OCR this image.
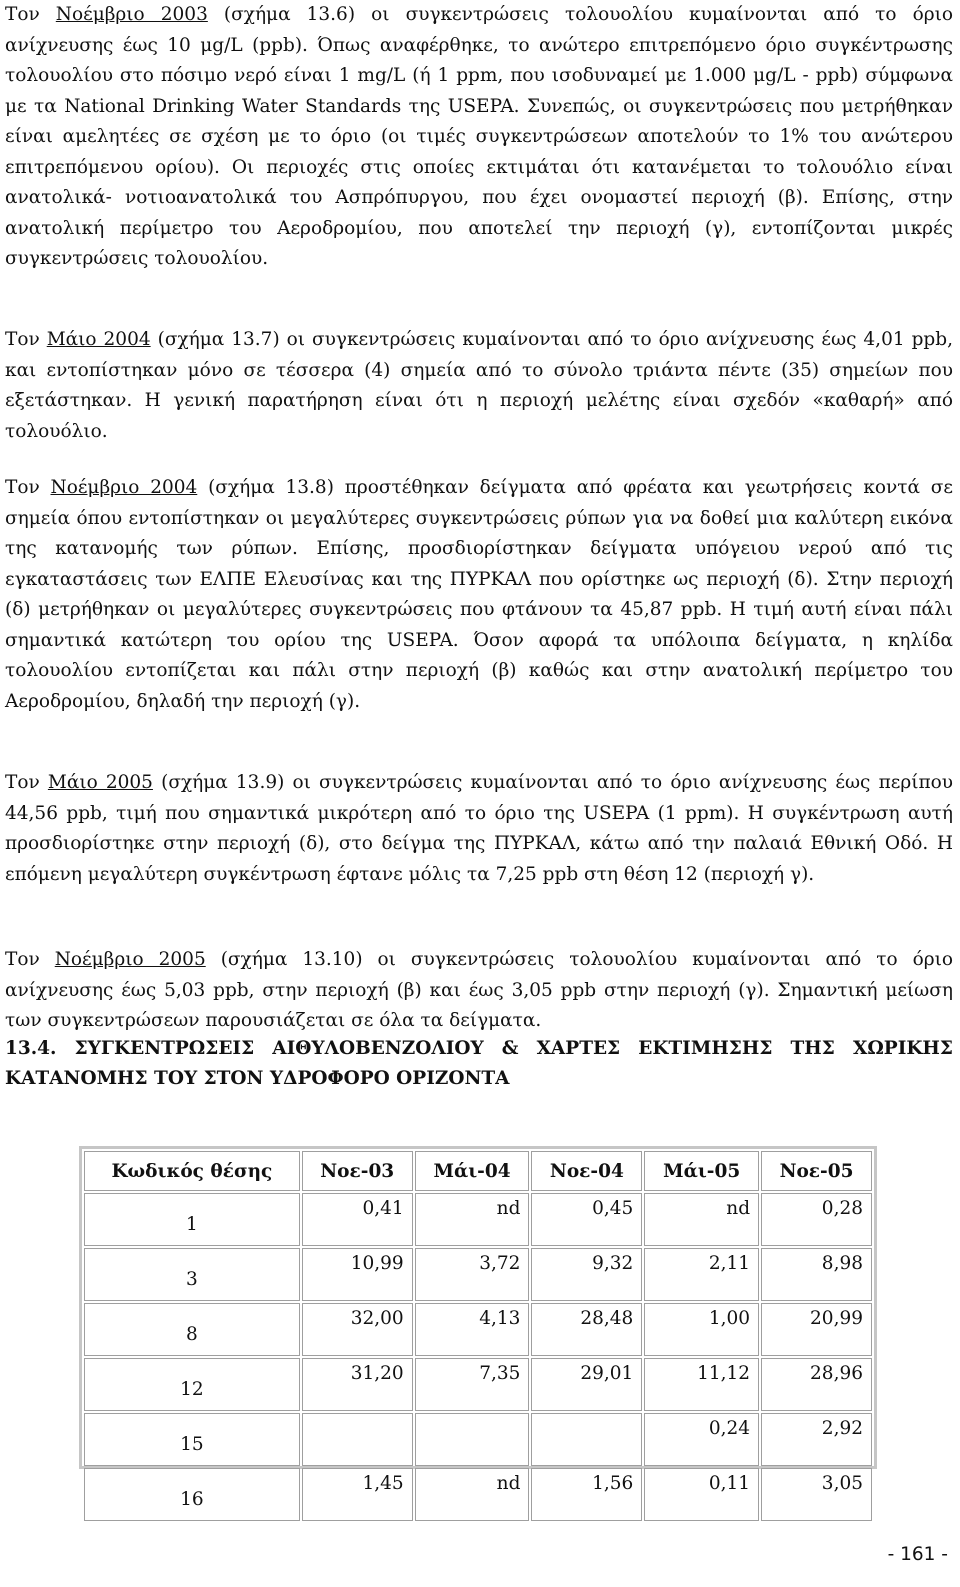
Τον Νοέμβριο 2003 (σχήμα 13.6) οι συγκεντρώσεις τολουολίου κυμαίνονται από το όριο ανίχνευσης έως 10 μg/L (ppb). Όπως αναφέρθηκε, το ανώτερο επιτρεπόμενο όριο συγκέντρωσης τολουολίου στο πόσιμο νερό είναι 1 mg/L (ή 1 ppm, που ισοδυναμεί με 1.000 μg/L - ppb) σύμφωνα με τα National Drinking Water Standards της USEPA. Συνεπώς, οι συγκεντρώσεις που μετρήθηκαν είναι αμελητέες σε σχέση με το όριο (οι τιμές συγκεντρώσεων αποτελούν το 1% του ανώτερου επιτρεπόμενου ορίου). Οι περιοχές στις οποίες εκτιμάται ότι κατανέμεται το τολουόλιο είναι ανατολικά- νοτιοανατολικά του Ασπρόπυργου, που έχει ονομαστεί περιοχή (β). Επίσης, στην ανατολική περίμετρο του Αεροδρομίου, που αποτελεί την περιοχή (γ), εντοπίζονται μικρές συγκεντρώσεις τολουολίου.

Τον Μάιο 2004 (σχήμα 13.7) οι συγκεντρώσεις κυμαίνονται από το όριο ανίχνευσης έως 4,01 ppb, και εντοπίστηκαν μόνο σε τέσσερα (4) σημεία από το σύνολο τριάντα πέντε (35) σημείων που εξετάστηκαν. Η γενική παρατήρηση είναι ότι η περιοχή μελέτης είναι σχεδόν «καθαρή» από τολουόλιο.

Τον Νοέμβριο 2004 (σχήμα 13.8) προστέθηκαν δείγματα από φρέατα και γεωτρήσεις κοντά σε σημεία όπου εντοπίστηκαν οι μεγαλύτερες συγκεντρώσεις ρύπων για να δοθεί μια καλύτερη εικόνα της κατανομής των ρύπων. Επίσης, προσδιορίστηκαν δείγματα υπόγειου νερού από τις εγκαταστάσεις των ΕΛΠΕ Ελευσίνας και της ΠΥΡΚΑΛ που ορίστηκε ως περιοχή (δ). Στην περιοχή (δ) μετρήθηκαν οι μεγαλύτερες συγκεντρώσεις που φτάνουν τα 45,87 ppb. Η τιμή αυτή είναι πάλι σημαντικά κατώτερη του ορίου της USEPA. Όσον αφορά τα υπόλοιπα δείγματα, η κηλίδα τολουολίου εντοπίζεται και πάλι στην περιοχή (β) καθώς και στην ανατολική περίμετρο του Αεροδρομίου, δηλαδή την περιοχή (γ).

Τον Μάιο 2005 (σχήμα 13.9) οι συγκεντρώσεις κυμαίνονται από το όριο ανίχνευσης έως περίπου 44,56 ppb, τιμή που σημαντικά μικρότερη από το όριο της USEPA (1 ppm). Η συγκέντρωση αυτή προσδιορίστηκε στην περιοχή (δ), στο δείγμα της ΠΥΡΚΑΛ, κάτω από την παλαιά Εθνική Οδό. Η επόμενη μεγαλύτερη συγκέντρωση έφτανε μόλις τα 7,25 ppb στη θέση 12 (περιοχή γ).

Τον Νοέμβριο 2005 (σχήμα 13.10) οι συγκεντρώσεις τολουολίου κυμαίνονται από το όριο ανίχνευσης έως 5,03 ppb, στην περιοχή (β) και έως 3,05 ppb στην περιοχή (γ). Σημαντική μείωση των συγκεντρώσεων παρουσιάζεται σε όλα τα δείγματα.

13.4. ΣΥΓΚΕΝΤΡΩΣΕΙΣ ΑΙΘΥΛΟΒΕΝΖΟΛΙΟΥ & ΧΑΡΤΕΣ ΕΚΤΙΜΗΣΗΣ ΤΗΣ ΧΩΡΙΚΗΣ ΚΑΤΑΝΟΜΗΣ ΤΟΥ ΣΤΟΝ ΥΔΡΟΦΟΡΟ ΟΡΙΖΟΝΤΑ

Κωδικός θέσης	Νοε-03	Μάι-04	Νοε-04	Μάι-05	Νοε-05
1	0,41	nd	0,45	nd	0,28
3	10,99	3,72	9,32	2,11	8,98
8	32,00	4,13	28,48	1,00	20,99
12	31,20	7,35	29,01	11,12	28,96
15				0,24	2,92
16	1,45	nd	1,56	0,11	3,05
- 161 -
